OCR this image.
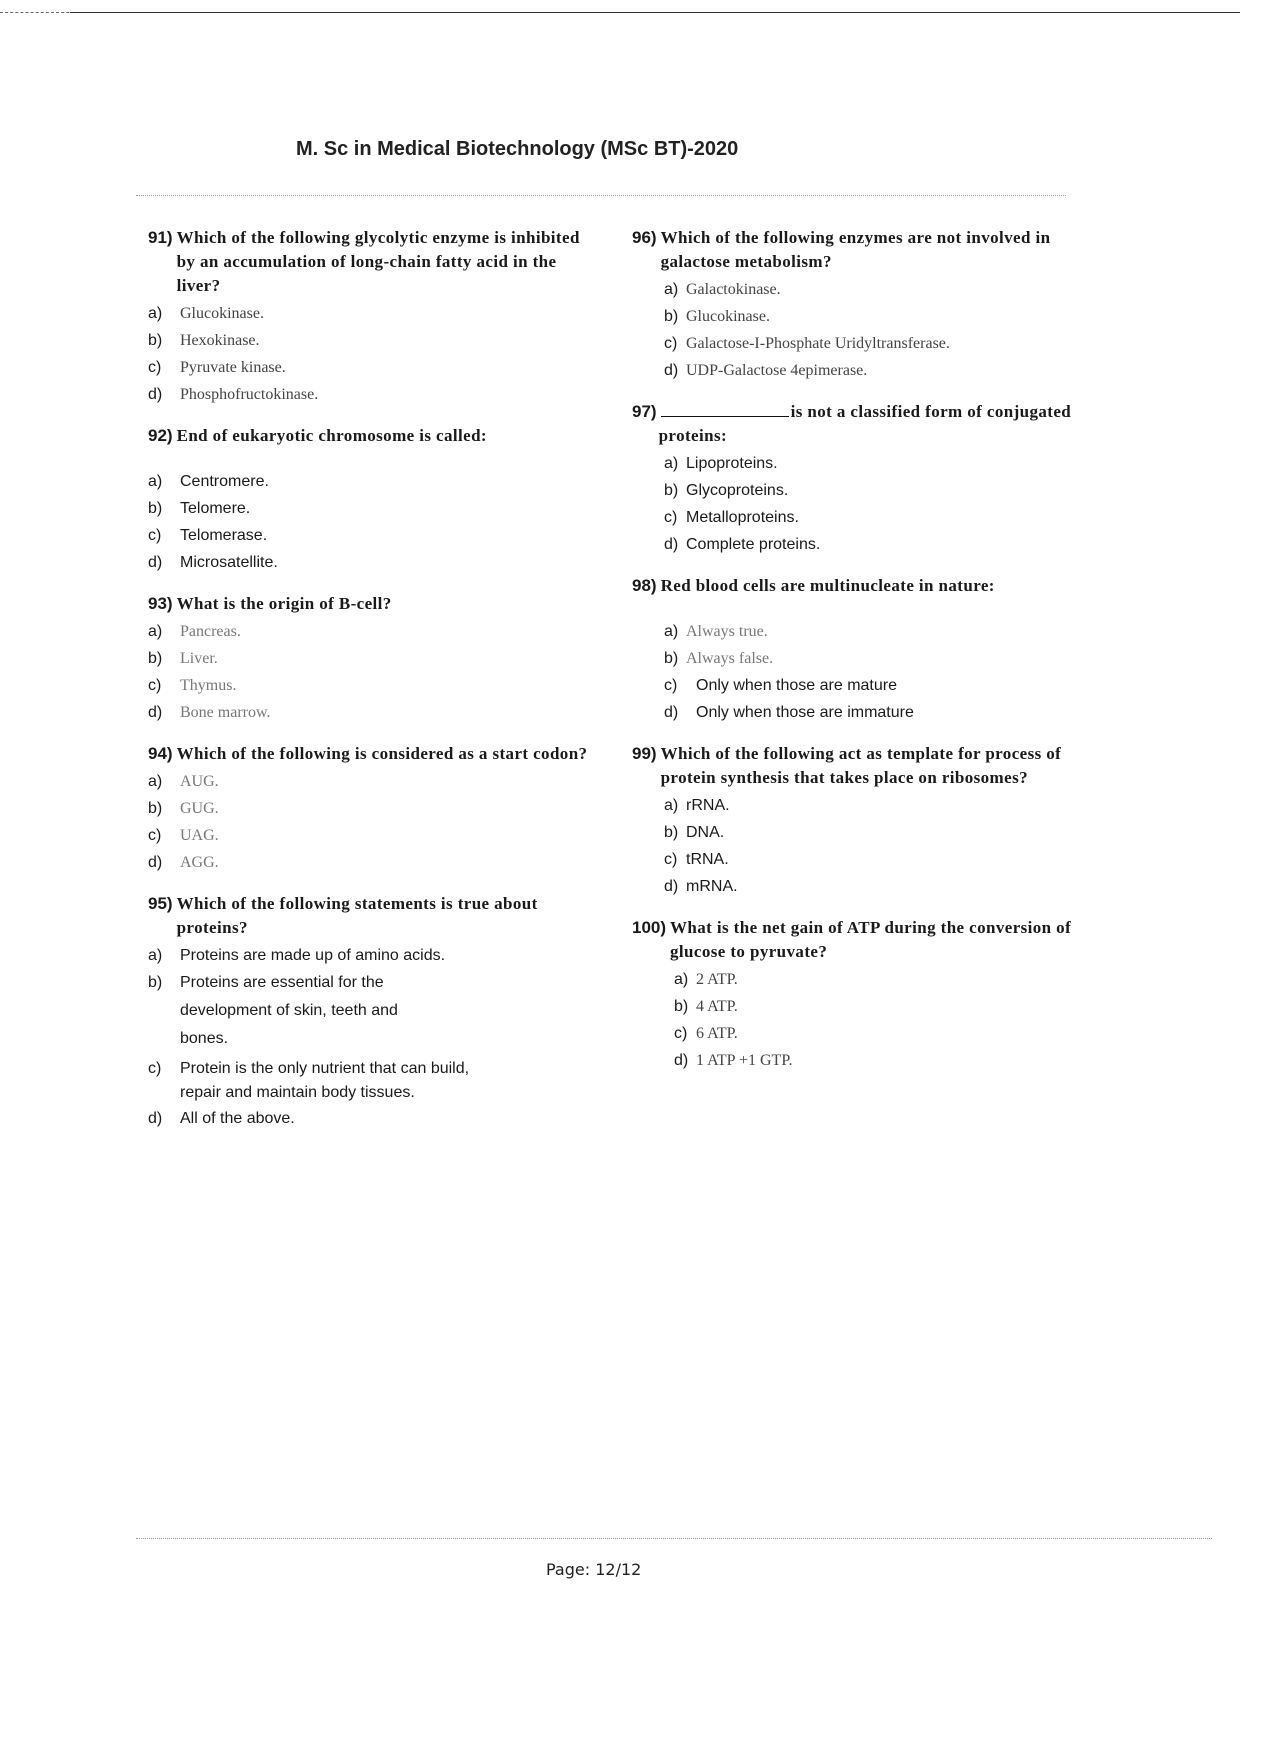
M. Sc in Medical Biotechnology (MSc BT)-2020
91) Which of the following glycolytic enzyme is inhibited by an accumulation of long-chain fatty acid in the liver?
a)	Glucokinase.
b)	Hexokinase.
c)	Pyruvate kinase.
d)	Phosphofructokinase.
92) End of eukaryotic chromosome is called:
a)	Centromere.
b)	Telomere.
c)	Telomerase.
d)	Microsatellite.
93) What is the origin of B-cell?
a)	Pancreas.
b)	Liver.
c)	Thymus.
d)	Bone marrow.
94) Which of the following is considered as a start codon?
a)	AUG.
b)	GUG.
c)	UAG.
d)	AGG.
95) Which of the following statements is true about proteins?
a)	Proteins are made up of amino acids.
b)	Proteins are essential for the development of skin, teeth and bones.
c)	Protein is the only nutrient that can build, repair and maintain body tissues.
d)	All of the above.
96) Which of the following enzymes are not involved in galactose metabolism?
a) Galactokinase.
b) Glucokinase.
c) Galactose-I-Phosphate Uridyltransferase.
d) UDP-Galactose 4epimerase.
97)	is not a classified form of conjugated proteins:
a) Lipoproteins.
b) Glycoproteins.
c) Metalloproteins.
d) Complete proteins.
98) Red blood cells are multinucleate in nature:
a) Always true.
b) Always false.
c)	Only when those are mature
d)	Only when those are immature
99) Which of the following act as template for process of protein synthesis that takes place on ribosomes?
a) rRNA.
b) DNA.
c) tRNA.
d) mRNA.
100) What is the net gain of ATP during the conversion of glucose to pyruvate?
a) 2 ATP.
b) 4 ATP.
c) 6 ATP.
d) 1 ATP +1 GTP.
Page: 12/12
